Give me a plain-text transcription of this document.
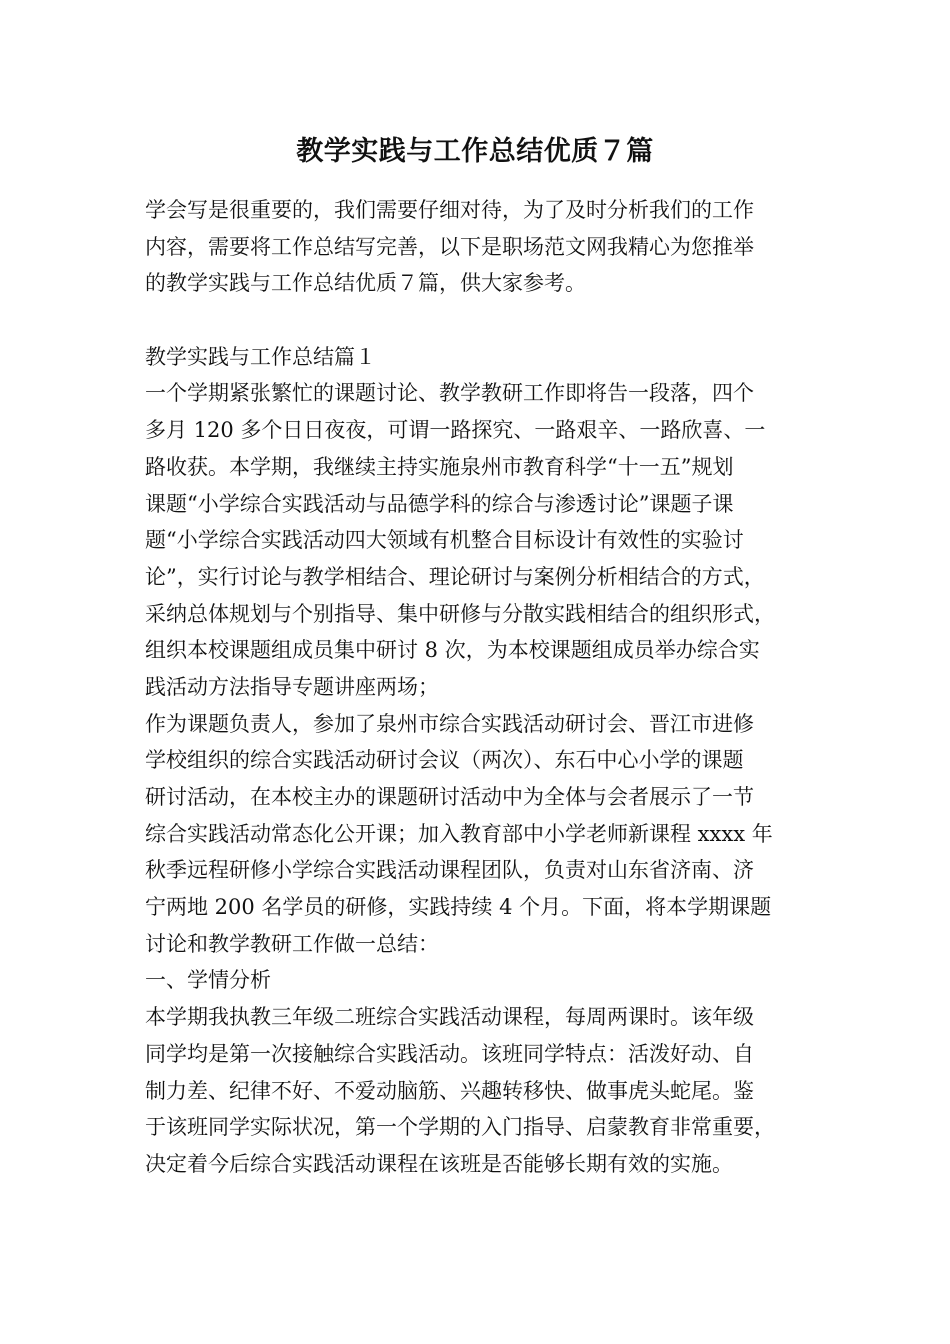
教学实践与工作总结优质７篇
学会写是很重要的，我们需要仔细对待，为了及时分析我们的工作
内容，需要将工作总结写完善，以下是职场范文网我精心为您推举
的教学实践与工作总结优质７篇，供大家参考。
教学实践与工作总结篇１
一个学期紧张繁忙的课题讨论、教学教研工作即将告一段落，四个
多月 120 多个日日夜夜，可谓一路探究、一路艰辛、一路欣喜、一
路收获。本学期，我继续主持实施泉州市教育科学“十一五”规划
课题“小学综合实践活动与品德学科的综合与渗透讨论”课题子课
题“小学综合实践活动四大领域有机整合目标设计有效性的实验讨
论”，实行讨论与教学相结合、理论研讨与案例分析相结合的方式，
采纳总体规划与个别指导、集中研修与分散实践相结合的组织形式，
组织本校课题组成员集中研讨 8 次，为本校课题组成员举办综合实
践活动方法指导专题讲座两场；
作为课题负责人，参加了泉州市综合实践活动研讨会、晋江市进修
学校组织的综合实践活动研讨会议（两次）、东石中心小学的课题
研讨活动，在本校主办的课题研讨活动中为全体与会者展示了一节
综合实践活动常态化公开课；加入教育部中小学老师新课程 xxxx 年
秋季远程研修小学综合实践活动课程团队，负责对山东省济南、济
宁两地 200 名学员的研修，实践持续 4 个月。下面，将本学期课题
讨论和教学教研工作做一总结：
一、学情分析
本学期我执教三年级二班综合实践活动课程，每周两课时。该年级
同学均是第一次接触综合实践活动。该班同学特点：活泼好动、自
制力差、纪律不好、不爱动脑筋、兴趣转移快、做事虎头蛇尾。鉴
于该班同学实际状况，第一个学期的入门指导、启蒙教育非常重要，
决定着今后综合实践活动课程在该班是否能够长期有效的实施。
